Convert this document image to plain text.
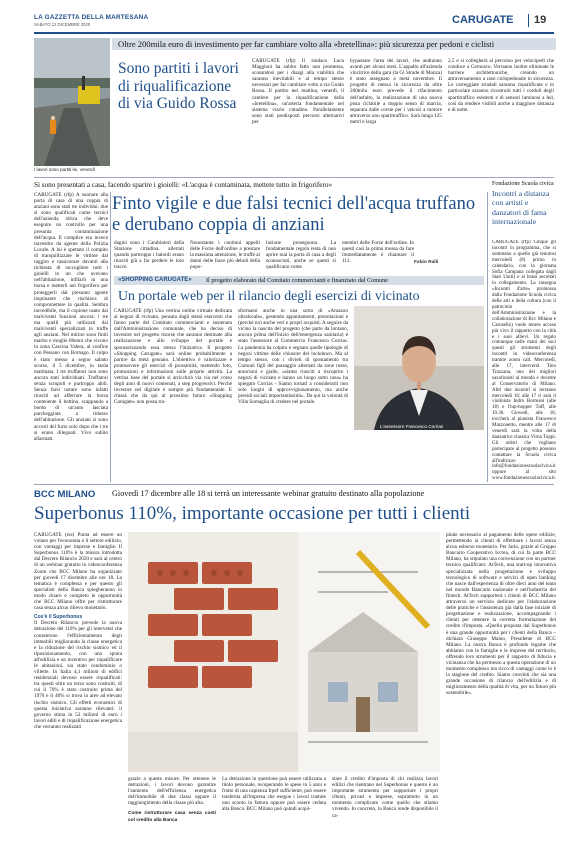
LA GAZZETTA DELLA MARTESANA
SABATO 12 DICEMBRE 2020	CARUGATE 19
Oltre 200mila euro di investimento per far cambiare volto alla «bretellina»: più sicurezza per pedoni e ciclisti
I lavori sono partiti lei, venerdì
Sono partiti i lavori di riqualificazione di via Guido Rossa
CARUGATE (rfp) Il sindaco Luca Maggioni ha subito fatto una promessa, scusandosi per i disagi alla viabilità che saranno inevitabili e al tempo stesso necessari per far cambiare volto a via Guido Rossa. Il partito ieri mattina, venerdì, il cantiere per la riqualificazione della «bretellina», un'arteria fondamentale nel sistema viario cittadino. Parallelamente sono stati predisposti percorsi alternativi per
bypassare l'area dei lavori, che andranno avanti per alcuni mesi. L'appalto all'azienda vincitrice della gara (la Gl Strade di Monza) è stato assegnato a metà novembre. Il progetto di messa in sicurezza da oltre 200mila euro prevede il rifacimento dell'asfalto, la realizzazione di una nuova pista ciclabile a doppio senso di marcia, separata dalle corsie per i veicoli a motore attraverso uno spartitraffico. Sarà lunga 125 metri e larga
2,5 e si collegherà al percorso per velocipedi che conduce a Cernusco. Verranno inoltre eliminate le barriere architettoniche, creando un attraversamento a raso ciclopedonale in sicurezza. Le carreggiate stradali saranno riqualificate e in particolare saranno ricostruiti tutti i cordoli degli spartitraffico esistenti e di sensori luminosi a led, così da rendere visibili anche a maggiore distanza e di notte.
Si sono presentati a casa, facendo sparire i gioielli: «L'acqua è contaminata, mettete tutto in frigorifero»
Finto vigile e due falsi tecnici dell'acqua truffano e derubano coppia di anziani
CARUGATE (rfp) A suonare alla porta di casa di una coppia di anziani sono stati tre individui: due si sono qualificati come tecnici dell'azienda idrica che deve eseguire un controllo per una presunta contaminazione dell'acqua. Il complice era invece travestito da agente della Polizia Locale. A lui è spettato il compito di tranquillizzare le vittime dal raggiro e rassicurare davanti alla richiesta di raccogliere tutti i gioielli in un che avevano nell'abitazione, infilarli in una borsa e metterli nel frigorifero per proteggerli dal presunto agente inquinante che rischiava di compromettere la qualità. Sembra incredibile, ma il copione usato dai malviventi funzioni ancora: i tre ma quelli più utilizzati dai malviventi specializzati in truffe agli anziani. Nel mirino sono finiti marito e moglie 80enni che vivono in zona Cascina Valera, al confine con Pessano con Bornago. Il colpo è stato messo a segno sabato scorso, il 5 dicembre, in tarda mattinata. I tre truffatori non sono ancora stati individuati. Truffatori senza scrupoli e purtroppo abili. Senza farsi notare sono infatti riusciti ad afferrare la borsa contenente il bottino, scappando a bordo di un'auto lasciata parcheggiata a ridosso dell'abitazione. Gli anziani si sono accorti del furto solo dopo che i tre si erano dileguati. Vivo subito allarmati.
dagini sono i Carabinieri della Stazione cittadina, allertati quando purtroppo i balordi erano riusciti già a far perdere le loro tracce.
Nonostante i continui appelli delle Forze dell'ordine a prestare la massima attenzione, le truffe ai danni delle fasce più deboli della popo-
lazione proseguono. La fondamentale regola resta di non aprire mai la porta di casa a degli sconosciuti, anche se questi si qualificano come
membri delle Forze dell'ordine. In questi casi la prima mossa da fare immediatamente è chiamare il 112.	Fabio Ralli
«SHOPPING CARUGATE» Il progetto elaborato dal Comitato commercianti e finanziato dal Comune
Un portale web per il rilancio degli esercizi di vicinato
CARUGATE (rfp) Una vetrina online virtuale dedicata ai negozi di vicinato, pensata dagli stessi esercenti che fanno parte del Comitato commercianti e sostenuta dall'Amministrazione comunale, che ha deciso di investire nel progetto risorse che saranno destinate alla realizzazione e allo sviluppo del portale e sponsorizzando essa stessa l'iniziativa. Il progetto «Shopping Carugate» sarà online probabilmente a partire da metà gennaio. L'obiettivo è valorizzare e promuovere gli esercizi di prossimità, mettendo foto, promozioni e informazioni sulle proprie attività. La vetrina base del portale si arricchirà via via nel corso degli anni di nuovi contenuti, a step progressivi. Perché investire nel digitale è sempre più fondamentale. E chissà che da qui al prossimo futuro «Shopping Carugate» non possa tra-
sformarsi anche in una sorta di «Amazon ultralocale», gestendo appuntamenti, prenotazioni e (perché no) anche veri e propri acquisti. A seguire da vicino la nascita del progetto (che parte da lontano, ancora prima dell'inizio dell'emergenza sanitaria) è stato l'assessore al Commercio Francesco Corrias. La pandemia ha colpito e segnato quelle tipologie di negozi vittime delle chiusure del lockdown. Ma al tempo stesso, con i divieti di spostamento tra Comuni figli del passaggio alternati da zone rosse, arancioni e gialle, «siamo riusciti a riscoprire i negozi di vicinato e hanno un luogo sotto casa» ha spiegato Corrias - Siamo tornati a considerarli non solo luoghi di approvvigionamento, ma anche presidi sociali importantissimi». Da qui la volontà di Villa Somaglia di credere nel portale.
L'assessore Francesco Corrias
Fondazione Scuola civica
Incontri a distanza con artisti e danzatori di fama internazionale
CARUGATE (rfp) Cinque gli incontri in programma, che si sommano a quello già tenutosi mercoledì (8) primo in calendario, con la giornata Sofia Campana collegata dagli Stati Uniti) e ai brani ascoltati in collegamento. La rassegna «Incontri d'arte» promossa dalla Fondazione Scuola civica delle arti e della cultura (con il patrocinio dell'Amministrazione e la collaborazione di Bcc Milano e Carosello) vuole tenere accesa più vivo il rapporto con la città e i suoi allievi. Un regalo comunque nelle mani dei soci questi gli strumenti degli incontri in videoconferenza tramite zoom call. Mercoledì, alle 17, interverrà Tino Trazzana, uno dei migliori saxofonisti al mondo e docente al Conservatorio di Milano. Altri due incontri si terranno mercoledì 16: alle 17 ci sarà il violinista Indro Borreani (alle 18) e l'hip-hopper Tuff, alle 19.30. Giovedì, alle 18, toccherà al pianista Francesco Mazzonetto, mentre alle 17 di venerdì sarà la volta della danzatrice classica Virna Toppi. Gli artisti che vogliano partecipare al progetto possono contattare la Scuola civica all'indirizzo info@fondazionescuolacivica.it oppure al sito www.fondazionescuolacivica.it.
BCC MILANO Giovedì 17 dicembre alle 18 si terrà un interessante webinar gratuito destinato alla popolazione
Superbonus 110%, importante occasione per tutti i clienti
CARUGATE (rss) Punta ad essere un volano per l'economia e il settore edilizio, con vantaggi per imprese e famiglie. Il Superbonus 110% è la misura introdotta dal Decreto Rilancio 2020 e sarà al centro di un webinar gratuito in videoconferenza Zoom che BCC Milano ha organizzato per giovedì 17 dicembre alle ore 18. La tematica è complessa e per questo gli specialisti della Banca spiegheranno in modo chiaro e completo le opportunità che BCC Milano offre per ristrutturare casa senza alcun rilievo monetario.
Cos'è il Superbonus
Il Decreto Rilancio prevede la nuova detrazione del 110% per gli interventi che consentono l'efficientamento degli immobili migliorando la classe energetica e la riduzione del rischio sismico ed il riposizionamento, con una spinta all'edilizia e un incentivo per riqualificare le abitazioni, sia stato condominio o villette. In Italia 4,1 milioni di edifici residenziali devono essere riqualificati: tra questi oltre un terzo sono costruiti, di cui il 70% è stato costruito prima del 1970 e il 40% si trova in aree ad elevato rischio sismico. Gli effetti economici di questa iniziativa saranno rilevanti: il governo stima in 53 milioni di euro i lavori edili e di riqualificazione energetica che verranno realizzati
grazie a queste misure. Per ottenere le detrazioni, i lavori devono garantire l'aumento dell'efficienza energetica dell'immobile di due classi oppure il raggiungimento della classe più alta.
Come ristrutturare casa senza costi col credito alla Banca
La detrazione in questione può essere utilizzata a titolo personale, recuperando le spese in 5 anni e frutto di una capienza Irpef sufficiente, può essere trasferita all'impresa che esegue i lavori tramite uno sconto in fattura oppure può essere ceduta alla Banca. BCC Milano può quindi acqui-
stare il credito d'imposta di chi realizza lavori edilizi che rientrano nel Superbonus e questo è un importante strumento per supportare i propri clienti, privati e imprese, soprattutto in un momento complicato come quello che stiamo vivendo. In concreto, la Banca rende disponibile il ca-
pitale necessario al pagamento delle opere edilizie, permettendo ai clienti di effettuare i lavori senza alcun esborso monetario. Per farlo, grazie al Gruppo Bancario Cooperativo Iccrea, di cui fa parte BCC Milano, ha stipulato una convenzione con un partner tecnico qualificato: AtTech, una start-up innovativa specializzata nella progettazione e sviluppo tecnologico di software e servizi di open banking che nasce dall'esperienza di oltre dieci anni del team nel mondo Bancario nazionale e nell'industria dei fintech. AtTech supporterà i clienti di BCC Milano attraverso un servizio dedicato per l'elaborazione delle pratiche e l'assistenza già dalla fase iniziale di progettazione e realizzazione, accompagnando i clienti per ottenere la corretta formulazione del credito d'imposta. «Quella proposta dal Superbonus è una grande opportunità per i clienti della Banca – dichiara Giuseppe Maino, Presidente di BCC Milano. La nostra Banca è profondo legame che abbiamo con le famiglie e le imprese del territorio, offrendo loro strumenti per il rapporto di fiducia e vicinanza che ha permesso a questa operazione di un momento complesso ma ricco di vantaggi come lo è la stagione del credito. Siamo convinti che sia una grande occasione di rilancio dell'edilizia e di miglioramento della qualità di vita, per un futuro più sostenibile».
